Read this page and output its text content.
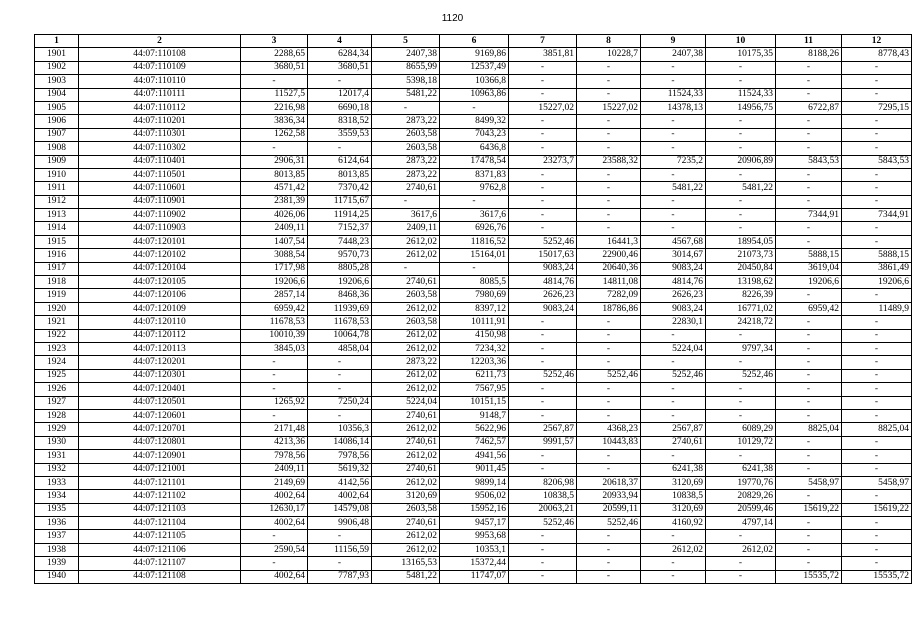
1120
1	2	3	4	5	6	7	8	9	10	11	12
1901	44:07:110108	2288,65	6284,34	2407,38	9169,86	3851,81	10228,7	2407,38	10175,35	8188,26	8778,43
1902	44:07:110109	3680,51	3680,51	8655,99	12537,49	-	-	-	-	-	-
1903	44:07:110110	-	-	5398,18	10366,8	-	-	-	-	-	-
1904	44:07:110111	11527,5	12017,4	5481,22	10963,86	-	-	11524,33	11524,33	-	-
1905	44:07:110112	2216,98	6690,18	-	-	15227,02	15227,02	14378,13	14956,75	6722,87	7295,15
1906	44:07:110201	3836,34	8318,52	2873,22	8499,32	-	-	-	-	-	-
1907	44:07:110301	1262,58	3559,53	2603,58	7043,23	-	-	-	-	-	-
1908	44:07:110302	-	-	2603,58	6436,8	-	-	-	-	-	-
1909	44:07:110401	2906,31	6124,64	2873,22	17478,54	23273,7	23588,32	7235,2	20906,89	5843,53	5843,53
1910	44:07:110501	8013,85	8013,85	2873,22	8371,83	-	-	-	-	-	-
1911	44:07:110601	4571,42	7370,42	2740,61	9762,8	-	-	5481,22	5481,22	-	-
1912	44:07:110901	2381,39	11715,67	-	-	-	-	-	-	-	-
1913	44:07:110902	4026,06	11914,25	3617,6	3617,6	-	-	-	-	7344,91	7344,91
1914	44:07:110903	2409,11	7152,37	2409,11	6926,76	-	-	-	-	-	-
1915	44:07:120101	1407,54	7448,23	2612,02	11816,52	5252,46	16441,3	4567,68	18954,05	-	-
1916	44:07:120102	3088,54	9570,73	2612,02	15164,01	15017,63	22900,46	3014,67	21073,73	5888,15	5888,15
1917	44:07:120104	1717,98	8805,28	-	-	9083,24	20640,36	9083,24	20450,84	3619,04	3861,49
1918	44:07:120105	19206,6	19206,6	2740,61	8085,5	4814,76	14811,08	4814,76	13198,62	19206,6	19206,6
1919	44:07:120106	2857,14	8468,36	2603,58	7980,69	2626,23	7282,09	2626,23	8226,39	-	-
1920	44:07:120109	6959,42	11939,69	2612,02	8397,12	9083,24	18786,86	9083,24	16771,02	6959,42	11489,9
1921	44:07:120110	11678,53	11678,53	2603,58	10111,91	-	-	22830,1	24218,72	-	-
1922	44:07:120112	10010,39	10064,78	2612,02	4150,98	-	-	-	-	-	-
1923	44:07:120113	3845,03	4858,04	2612,02	7234,32	-	-	5224,04	9797,34	-	-
1924	44:07:120201	-	-	2873,22	12203,36	-	-	-	-	-	-
1925	44:07:120301	-	-	2612,02	6211,73	5252,46	5252,46	5252,46	5252,46	-	-
1926	44:07:120401	-	-	2612,02	7567,95	-	-	-	-	-	-
1927	44:07:120501	1265,92	7250,24	5224,04	10151,15	-	-	-	-	-	-
1928	44:07:120601	-	-	2740,61	9148,7	-	-	-	-	-	-
1929	44:07:120701	2171,48	10356,3	2612,02	5622,96	2567,87	4368,23	2567,87	6089,29	8825,04	8825,04
1930	44:07:120801	4213,36	14086,14	2740,61	7462,57	9991,57	10443,83	2740,61	10129,72	-	-
1931	44:07:120901	7978,56	7978,56	2612,02	4941,56	-	-	-	-	-	-
1932	44:07:121001	2409,11	5619,32	2740,61	9011,45	-	-	6241,38	6241,38	-	-
1933	44:07:121101	2149,69	4142,56	2612,02	9899,14	8206,98	20618,37	3120,69	19770,76	5458,97	5458,97
1934	44:07:121102	4002,64	4002,64	3120,69	9506,02	10838,5	20933,94	10838,5	20829,26	-	-
1935	44:07:121103	12630,17	14579,08	2603,58	15952,16	20063,21	20599,11	3120,69	20599,46	15619,22	15619,22
1936	44:07:121104	4002,64	9906,48	2740,61	9457,17	5252,46	5252,46	4160,92	4797,14	-	-
1937	44:07:121105	-	-	2612,02	9953,68	-	-	-	-	-	-
1938	44:07:121106	2590,54	11156,59	2612,02	10353,1	-	-	2612,02	2612,02	-	-
1939	44:07:121107	-	-	13165,53	15372,44	-	-	-	-	-	-
1940	44:07:121108	4002,64	7787,93	5481,22	11747,07	-	-	-	-	15535,72	15535,72
